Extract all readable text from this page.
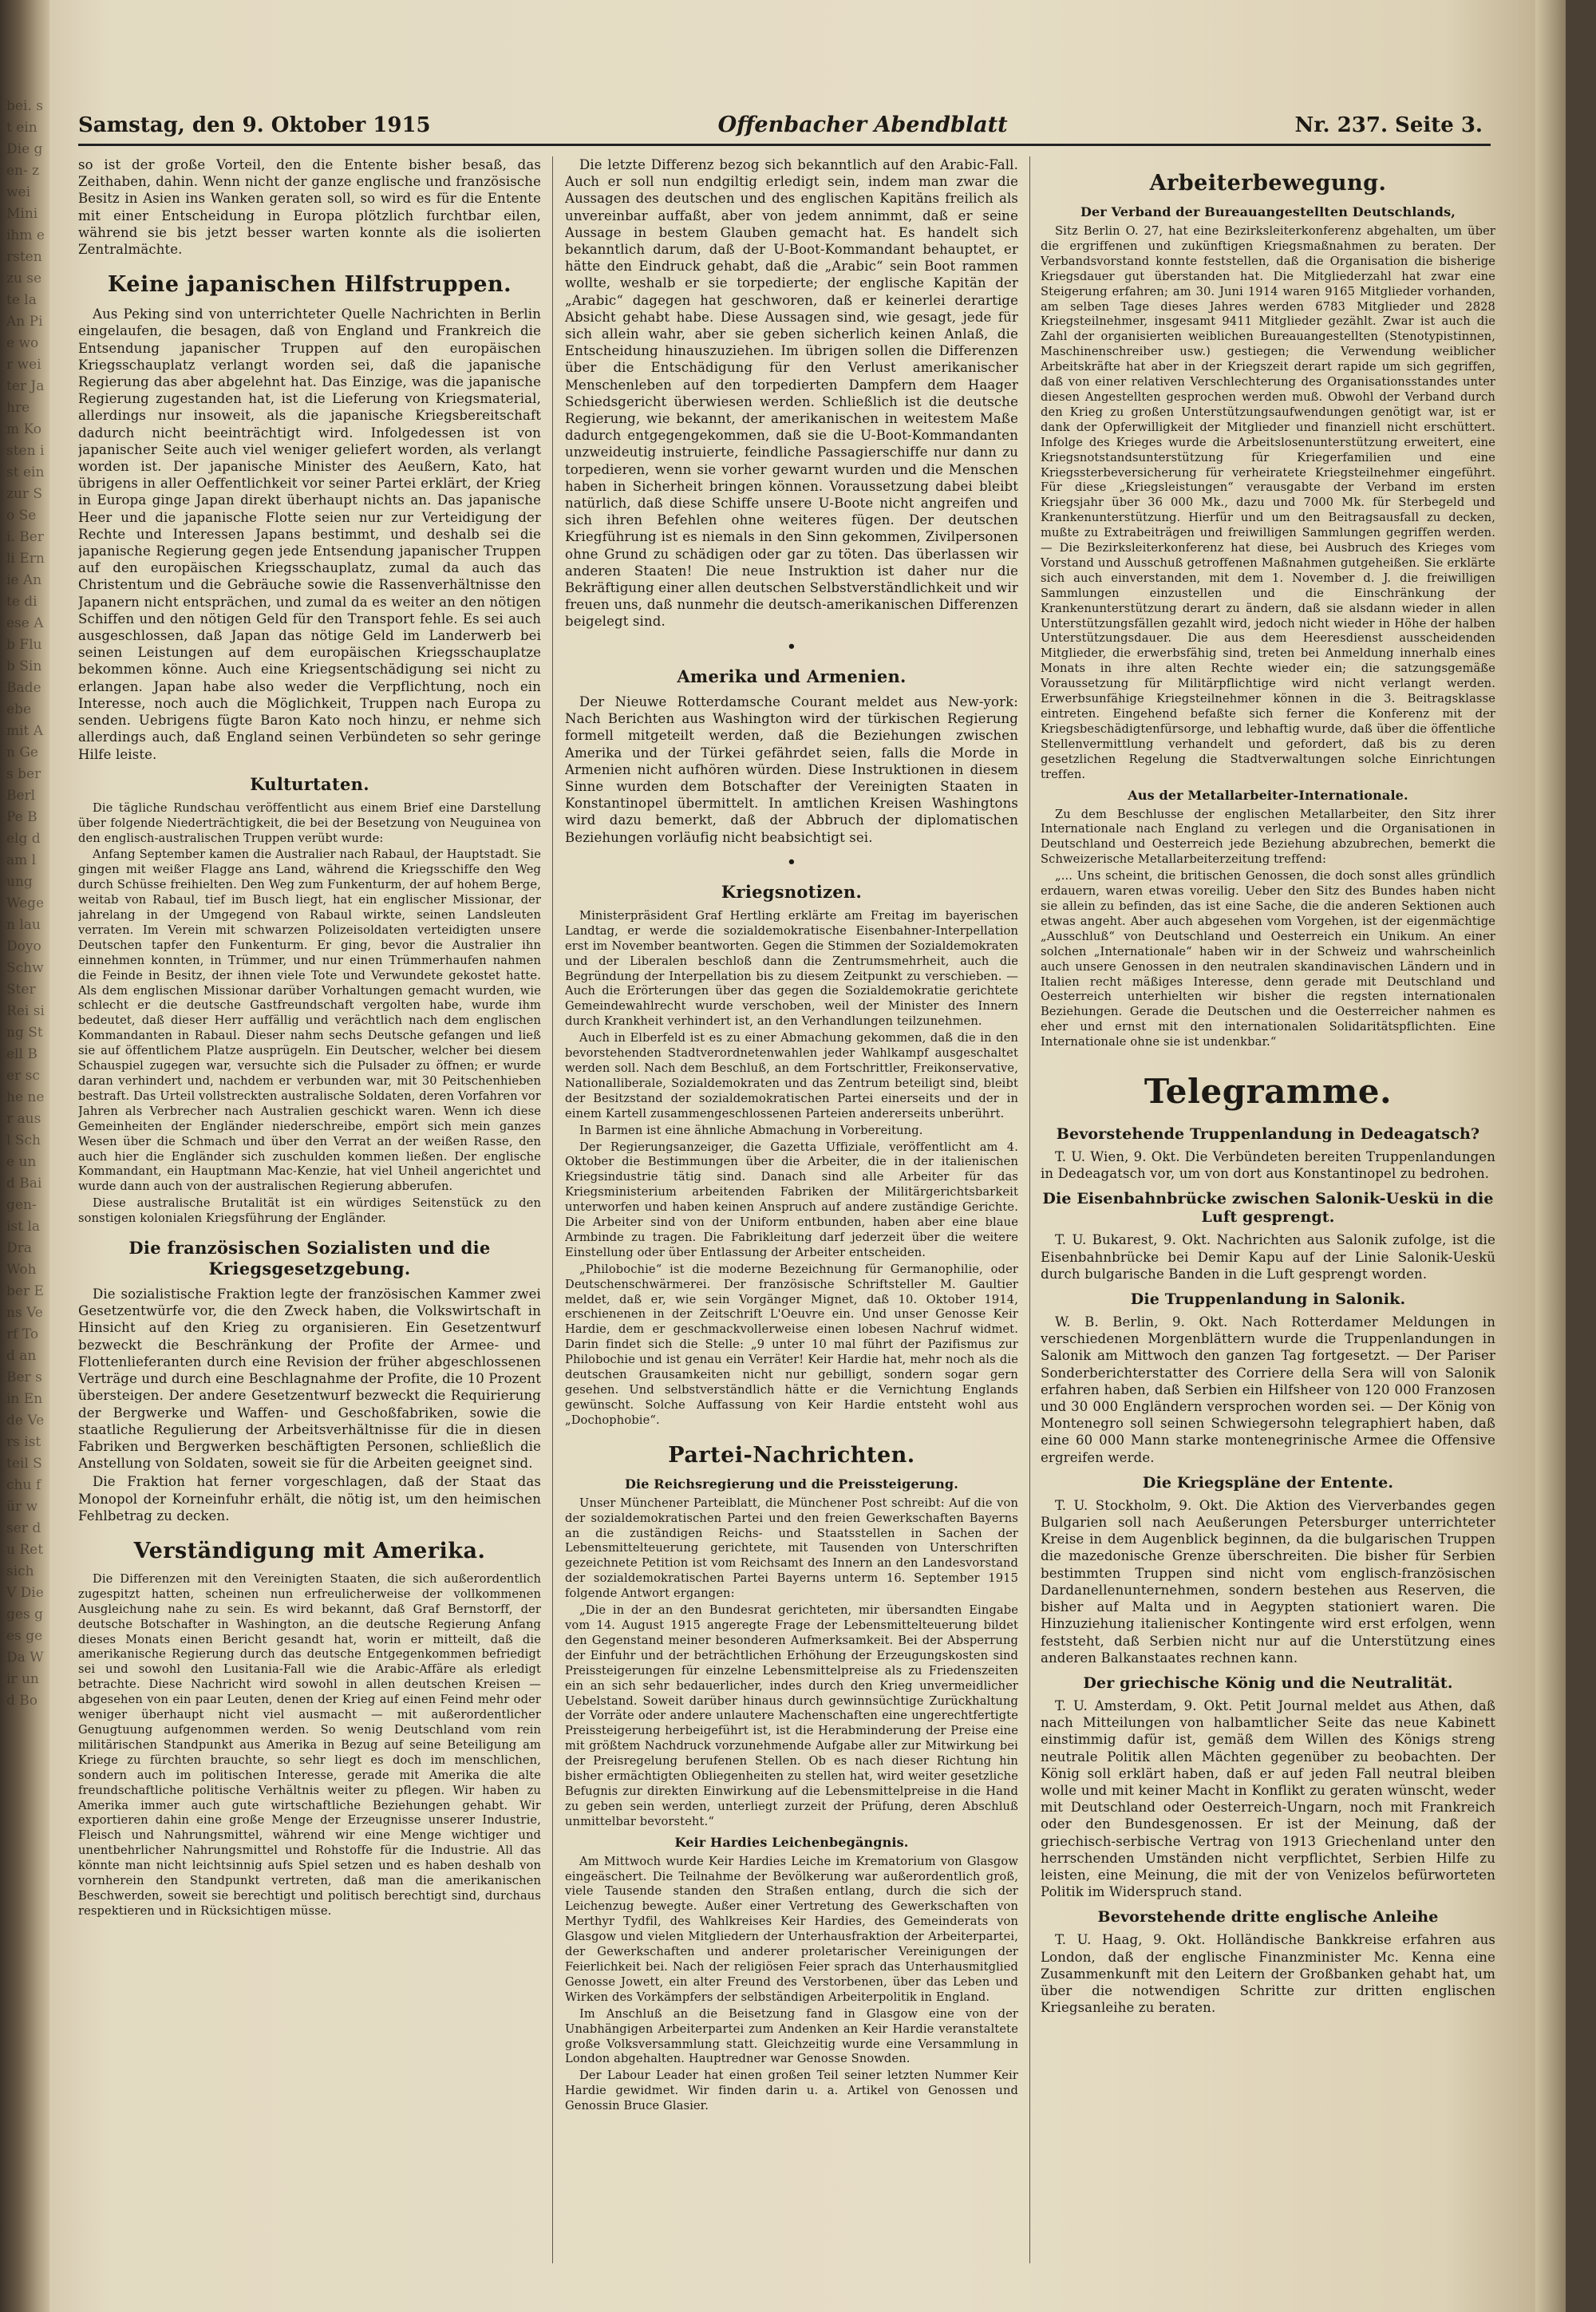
bei. st ein Die gen- zwei Mini ihm ersten zu se te la An Pie wor weiter Jahre m Kosten ist ein zur So Sei. Berli Ernie Ante diese Ab Flub Sin Bade ebe mit An Ges ber Berl Pe Belg dam lung Wegen lau Doyo Schw Ster Rei sing Stell Ber sche ner ausl Sche und Bai gen- ist la Dra Woh ber Ens Verf Tod an Ber sin Ende Vers ist teil Schu für w ser du Ret sich V Die ges ges ge Da Wir und Bo
Samstag, den 9. Oktober 1915	Offenbacher Abendblatt	Nr. 237. Seite 3.

so ist der große Vorteil, den die Entente bisher besaß, das Zeithaben, dahin. Wenn nicht der ganze englische und französische Besitz in Asien ins Wanken geraten soll, so wird es für die Entente mit einer Entscheidung in Europa plötzlich furchtbar eilen, während sie bis jetzt besser warten konnte als die isolierten Zentralmächte.

Keine japanischen Hilfstruppen.

Aus Peking sind von unterrichteter Quelle Nachrichten in Berlin eingelaufen, die besagen, daß von England und Frankreich die Entsendung japanischer Truppen auf den europäischen Kriegsschauplatz verlangt worden sei, daß die japanische Regierung das aber abgelehnt hat. Das Einzige, was die japanische Regierung zugestanden hat, ist die Lieferung von Kriegsmaterial, allerdings nur insoweit, als die japanische Kriegsbereitschaft dadurch nicht beeinträchtigt wird. Infolgedessen ist von japanischer Seite auch viel weniger geliefert worden, als verlangt worden ist. Der japanische Minister des Aeußern, Kato, hat übrigens in aller Oeffentlichkeit vor seiner Partei erklärt, der Krieg in Europa ginge Japan direkt überhaupt nichts an. Das japanische Heer und die japanische Flotte seien nur zur Verteidigung der Rechte und Interessen Japans bestimmt, und deshalb sei die japanische Regierung gegen jede Entsendung japanischer Truppen auf den europäischen Kriegsschauplatz, zumal da auch das Christentum und die Gebräuche sowie die Rassenverhältnisse den Japanern nicht entsprächen, und zumal da es weiter an den nötigen Schiffen und den nötigen Geld für den Transport fehle. Es sei auch ausgeschlossen, daß Japan das nötige Geld im Landerwerb bei seinen Leistungen auf dem europäischen Kriegsschauplatze bekommen könne. Auch eine Kriegsentschädigung sei nicht zu erlangen. Japan habe also weder die Verpflichtung, noch ein Interesse, noch auch die Möglichkeit, Truppen nach Europa zu senden. Uebrigens fügte Baron Kato noch hinzu, er nehme sich allerdings auch, daß England seinen Verbündeten so sehr geringe Hilfe leiste.

Kulturtaten.

Die tägliche Rundschau veröffentlicht aus einem Brief eine Darstellung über folgende Niederträchtigkeit, die bei der Besetzung von Neuguinea von den englisch-australischen Truppen verübt wurde:

Anfang September kamen die Australier nach Rabaul, der Hauptstadt. Sie gingen mit weißer Flagge ans Land, während die Kriegsschiffe den Weg durch Schüsse freihielten. Den Weg zum Funkenturm, der auf hohem Berge, weitab von Rabaul, tief im Busch liegt, hat ein englischer Missionar, der jahrelang in der Umgegend von Rabaul wirkte, seinen Landsleuten verraten. Im Verein mit schwarzen Polizeisoldaten verteidigten unsere Deutschen tapfer den Funkenturm. Er ging, bevor die Australier ihn einnehmen konnten, in Trümmer, und nur einen Trümmerhaufen nahmen die Feinde in Besitz, der ihnen viele Tote und Verwundete gekostet hatte. Als dem englischen Missionar darüber Vorhaltungen gemacht wurden, wie schlecht er die deutsche Gastfreundschaft vergolten habe, wurde ihm bedeutet, daß dieser Herr auffällig und verächtlich nach dem englischen Kommandanten in Rabaul. Dieser nahm sechs Deutsche gefangen und ließ sie auf öffentlichem Platze ausprügeln. Ein Deutscher, welcher bei diesem Schauspiel zugegen war, versuchte sich die Pulsader zu öffnen; er wurde daran verhindert und, nachdem er verbunden war, mit 30 Peitschenhieben bestraft. Das Urteil vollstreckten australische Soldaten, deren Vorfahren vor Jahren als Verbrecher nach Australien geschickt waren. Wenn ich diese Gemeinheiten der Engländer niederschreibe, empört sich mein ganzes Wesen über die Schmach und über den Verrat an der weißen Rasse, den auch hier die Engländer sich zuschulden kommen ließen. Der englische Kommandant, ein Hauptmann Mac-Kenzie, hat viel Unheil angerichtet und wurde dann auch von der australischen Regierung abberufen.

Diese australische Brutalität ist ein würdiges Seitenstück zu den sonstigen kolonialen Kriegsführung der Engländer.

Die französischen Sozialisten und die Kriegsgesetzgebung.

Die sozialistische Fraktion legte der französischen Kammer zwei Gesetzentwürfe vor, die den Zweck haben, die Volkswirtschaft in Hinsicht auf den Krieg zu organisieren. Ein Gesetzentwurf bezweckt die Beschränkung der Profite der Armee- und Flottenlieferanten durch eine Revision der früher abgeschlossenen Verträge und durch eine Beschlagnahme der Profite, die 10 Prozent übersteigen. Der andere Gesetzentwurf bezweckt die Requirierung der Bergwerke und Waffen- und Geschoßfabriken, sowie die staatliche Regulierung der Arbeitsverhältnisse für die in diesen Fabriken und Bergwerken beschäftigten Personen, schließlich die Anstellung von Soldaten, soweit sie für die Arbeiten geeignet sind.

Die Fraktion hat ferner vorgeschlagen, daß der Staat das Monopol der Korneinfuhr erhält, die nötig ist, um den heimischen Fehlbetrag zu decken.

Verständigung mit Amerika.

Die Differenzen mit den Vereinigten Staaten, die sich außerordentlich zugespitzt hatten, scheinen nun erfreulicherweise der vollkommenen Ausgleichung nahe zu sein. Es wird bekannt, daß Graf Bernstorff, der deutsche Botschafter in Washington, an die deutsche Regierung Anfang dieses Monats einen Bericht gesandt hat, worin er mitteilt, daß die amerikanische Regierung durch das deutsche Entgegenkommen befriedigt sei und sowohl den Lusitania-Fall wie die Arabic-Affäre als erledigt betrachte. Diese Nachricht wird sowohl in allen deutschen Kreisen — abgesehen von ein paar Leuten, denen der Krieg auf einen Feind mehr oder weniger überhaupt nicht viel ausmacht — mit außerordentlicher Genugtuung aufgenommen werden. So wenig Deutschland vom rein militärischen Standpunkt aus Amerika in Bezug auf seine Beteiligung am Kriege zu fürchten brauchte, so sehr liegt es doch im menschlichen, sondern auch im politischen Interesse, gerade mit Amerika die alte freundschaftliche politische Verhältnis weiter zu pflegen. Wir haben zu Amerika immer auch gute wirtschaftliche Beziehungen gehabt. Wir exportieren dahin eine große Menge der Erzeugnisse unserer Industrie, Fleisch und Nahrungsmittel, während wir eine Menge wichtiger und unentbehrlicher Nahrungsmittel und Rohstoffe für die Industrie. All das könnte man nicht leichtsinnig aufs Spiel setzen und es haben deshalb von vornherein den Standpunkt vertreten, daß man die amerikanischen Beschwerden, soweit sie berechtigt und politisch berechtigt sind, durchaus respektieren und in Rücksichtigen müsse.

Die letzte Differenz bezog sich bekanntlich auf den Arabic-Fall. Auch er soll nun endgiltig erledigt sein, indem man zwar die Aussagen des deutschen und des englischen Kapitäns freilich als unvereinbar auffaßt, aber von jedem annimmt, daß er seine Aussage in bestem Glauben gemacht hat. Es handelt sich bekanntlich darum, daß der U-Boot-Kommandant behauptet, er hätte den Eindruck gehabt, daß die „Arabic“ sein Boot rammen wollte, weshalb er sie torpedierte; der englische Kapitän der „Arabic“ dagegen hat geschworen, daß er keinerlei derartige Absicht gehabt habe. Diese Aussagen sind, wie gesagt, jede für sich allein wahr, aber sie geben sicherlich keinen Anlaß, die Entscheidung hinauszuziehen. Im übrigen sollen die Differenzen über die Entschädigung für den Verlust amerikanischer Menschenleben auf den torpedierten Dampfern dem Haager Schiedsgericht überwiesen werden. Schließlich ist die deutsche Regierung, wie bekannt, der amerikanischen in weitestem Maße dadurch entgegengekommen, daß sie die U-Boot-Kommandanten unzweideutig instruierte, feindliche Passagierschiffe nur dann zu torpedieren, wenn sie vorher gewarnt wurden und die Menschen haben in Sicherheit bringen können. Voraussetzung dabei bleibt natürlich, daß diese Schiffe unsere U-Boote nicht angreifen und sich ihren Befehlen ohne weiteres fügen. Der deutschen Kriegführung ist es niemals in den Sinn gekommen, Zivilpersonen ohne Grund zu schädigen oder gar zu töten. Das überlassen wir anderen Staaten! Die neue Instruktion ist daher nur die Bekräftigung einer allen deutschen Selbstverständlichkeit und wir freuen uns, daß nunmehr die deutsch-amerikanischen Differenzen beigelegt sind.

•
Amerika und Armenien.

Der Nieuwe Rotterdamsche Courant meldet aus New-york: Nach Berichten aus Washington wird der türkischen Regierung formell mitgeteilt werden, daß die Beziehungen zwischen Amerika und der Türkei gefährdet seien, falls die Morde in Armenien nicht aufhören würden. Diese Instruktionen in diesem Sinne wurden dem Botschafter der Vereinigten Staaten in Konstantinopel übermittelt. In amtlichen Kreisen Washingtons wird dazu bemerkt, daß der Abbruch der diplomatischen Beziehungen vorläufig nicht beabsichtigt sei.

•
Kriegsnotizen.

Ministerpräsident Graf Hertling erklärte am Freitag im bayerischen Landtag, er werde die sozialdemokratische Eisenbahner-Interpellation erst im November beantworten. Gegen die Stimmen der Sozialdemokraten und der Liberalen beschloß dann die Zentrumsmehrheit, auch die Begründung der Interpellation bis zu diesem Zeitpunkt zu verschieben. — Auch die Erörterungen über das gegen die Sozialdemokratie gerichtete Gemeindewahlrecht wurde verschoben, weil der Minister des Innern durch Krankheit verhindert ist, an den Verhandlungen teilzunehmen.

Auch in Elberfeld ist es zu einer Abmachung gekommen, daß die in den bevorstehenden Stadtverordnetenwahlen jeder Wahlkampf ausgeschaltet werden soll. Nach dem Beschluß, an dem Fortschrittler, Freikonservative, Nationalliberale, Sozialdemokraten und das Zentrum beteiligt sind, bleibt der Besitzstand der sozialdemokratischen Partei einerseits und der in einem Kartell zusammengeschlossenen Parteien andererseits unberührt.

In Barmen ist eine ähnliche Abmachung in Vorbereitung.

Der Regierungsanzeiger, die Gazetta Uffiziale, veröffentlicht am 4. Oktober die Bestimmungen über die Arbeiter, die in der italienischen Kriegsindustrie tätig sind. Danach sind alle Arbeiter für das Kriegsministerium arbeitenden Fabriken der Militärgerichtsbarkeit unterworfen und haben keinen Anspruch auf andere zuständige Gerichte. Die Arbeiter sind von der Uniform entbunden, haben aber eine blaue Armbinde zu tragen. Die Fabrikleitung darf jederzeit über die weitere Einstellung oder über Entlassung der Arbeiter entscheiden.

„Philobochie“ ist die moderne Bezeichnung für Germanophilie, oder Deutschenschwärmerei. Der französische Schriftsteller M. Gaultier meldet, daß er, wie sein Vorgänger Mignet, daß 10. Oktober 1914, erschienenen in der Zeitschrift L'Oeuvre ein. Und unser Genosse Keir Hardie, dem er geschmackvollerweise einen lobesen Nachruf widmet. Darin findet sich die Stelle: „9 unter 10 mal führt der Pazifismus zur Philobochie und ist genau ein Verräter! Keir Hardie hat, mehr noch als die deutschen Grausamkeiten nicht nur gebilligt, sondern sogar gern gesehen. Und selbstverständlich hätte er die Vernichtung Englands gewünscht. Solche Auffassung von Keir Hardie entsteht wohl aus „Dochophobie“.

Partei-Nachrichten.
Die Reichsregierung und die Preissteigerung.

Unser Münchener Parteiblatt, die Münchener Post schreibt: Auf die von der sozialdemokratischen Partei und den freien Gewerkschaften Bayerns an die zuständigen Reichs- und Staatsstellen in Sachen der Lebensmittelteuerung gerichtete, mit Tausenden von Unterschriften gezeichnete Petition ist vom Reichsamt des Innern an den Landesvorstand der sozialdemokratischen Partei Bayerns unterm 16. September 1915 folgende Antwort ergangen:

„Die in der an den Bundesrat gerichteten, mir übersandten Eingabe vom 14. August 1915 angeregte Frage der Lebensmittelteuerung bildet den Gegenstand meiner besonderen Aufmerksamkeit. Bei der Absperrung der Einfuhr und der beträchtlichen Erhöhung der Erzeugungskosten sind Preissteigerungen für einzelne Lebensmittelpreise als zu Friedenszeiten ein an sich sehr bedauerlicher, indes durch den Krieg unvermeidlicher Uebelstand. Soweit darüber hinaus durch gewinnsüchtige Zurückhaltung der Vorräte oder andere unlautere Machenschaften eine ungerechtfertigte Preissteigerung herbeigeführt ist, ist die Herabminderung der Preise eine mit größtem Nachdruck vorzunehmende Aufgabe aller zur Mitwirkung bei der Preisregelung berufenen Stellen. Ob es nach dieser Richtung hin bisher ermächtigten Obliegenheiten zu stellen hat, wird weiter gesetzliche Befugnis zur direkten Einwirkung auf die Lebensmittelpreise in die Hand zu geben sein werden, unterliegt zurzeit der Prüfung, deren Abschluß unmittelbar bevorsteht.“

Keir Hardies Leichenbegängnis.

Am Mittwoch wurde Keir Hardies Leiche im Krematorium von Glasgow eingeäschert. Die Teilnahme der Bevölkerung war außerordentlich groß, viele Tausende standen den Straßen entlang, durch die sich der Leichenzug bewegte. Außer einer Vertretung des Gewerkschaften von Merthyr Tydfil, des Wahlkreises Keir Hardies, des Gemeinderats von Glasgow und vielen Mitgliedern der Unterhausfraktion der Arbeiterpartei, der Gewerkschaften und anderer proletarischer Vereinigungen der Feierlichkeit bei. Nach der religiösen Feier sprach das Unterhausmitglied Genosse Jowett, ein alter Freund des Verstorbenen, über das Leben und Wirken des Vorkämpfers der selbständigen Arbeiterpolitik in England.

Im Anschluß an die Beisetzung fand in Glasgow eine von der Unabhängigen Arbeiterpartei zum Andenken an Keir Hardie veranstaltete große Volksversammlung statt. Gleichzeitig wurde eine Versammlung in London abgehalten. Hauptredner war Genosse Snowden.

Der Labour Leader hat einen großen Teil seiner letzten Nummer Keir Hardie gewidmet. Wir finden darin u. a. Artikel von Genossen und Genossin Bruce Glasier.

Arbeiterbewegung.
Der Verband der Bureauangestellten Deutschlands,

Sitz Berlin O. 27, hat eine Bezirksleiterkonferenz abgehalten, um über die ergriffenen und zukünftigen Kriegsmaßnahmen zu beraten. Der Verbandsvorstand konnte feststellen, daß die Organisation die bisherige Kriegsdauer gut überstanden hat. Die Mitgliederzahl hat zwar eine Steigerung erfahren; am 30. Juni 1914 waren 9165 Mitglieder vorhanden, am selben Tage dieses Jahres werden 6783 Mitglieder und 2828 Kriegsteilnehmer, insgesamt 9411 Mitglieder gezählt. Zwar ist auch die Zahl der organisierten weiblichen Bureauangestellten (Stenotypistinnen, Maschinenschreiber usw.) gestiegen; die Verwendung weiblicher Arbeitskräfte hat aber in der Kriegszeit derart rapide um sich gegriffen, daß von einer relativen Verschlechterung des Organisationsstandes unter diesen Angestellten gesprochen werden muß. Obwohl der Verband durch den Krieg zu großen Unterstützungsaufwendungen genötigt war, ist er dank der Opferwilligkeit der Mitglieder und finanziell nicht erschüttert. Infolge des Krieges wurde die Arbeitslosenunterstützung erweitert, eine Kriegsnotstandsunterstützung für Kriegerfamilien und eine Kriegssterbeversicherung für verheiratete Kriegsteilnehmer eingeführt. Für diese „Kriegsleistungen“ verausgabte der Verband im ersten Kriegsjahr über 36 000 Mk., dazu und 7000 Mk. für Sterbegeld und Krankenunterstützung. Hierfür und um den Beitragsausfall zu decken, mußte zu Extrabeiträgen und freiwilligen Sammlungen gegriffen werden. — Die Bezirksleiterkonferenz hat diese, bei Ausbruch des Krieges vom Vorstand und Ausschuß getroffenen Maßnahmen gutgeheißen. Sie erklärte sich auch einverstanden, mit dem 1. November d. J. die freiwilligen Sammlungen einzustellen und die Einschränkung der Krankenunterstützung derart zu ändern, daß sie alsdann wieder in allen Unterstützungsfällen gezahlt wird, jedoch nicht wieder in Höhe der halben Unterstützungsdauer. Die aus dem Heeresdienst ausscheidenden Mitglieder, die erwerbsfähig sind, treten bei Anmeldung innerhalb eines Monats in ihre alten Rechte wieder ein; die satzungsgemäße Voraussetzung für Militärpflichtige wird nicht verlangt werden. Erwerbsunfähige Kriegsteilnehmer können in die 3. Beitragsklasse eintreten. Eingehend befaßte sich ferner die Konferenz mit der Kriegsbeschädigtenfürsorge, und lebhaftig wurde, daß über die öffentliche Stellenvermittlung verhandelt und gefordert, daß bis zu deren gesetzlichen Regelung die Stadtverwaltungen solche Einrichtungen treffen.

Aus der Metallarbeiter-Internationale.

Zu dem Beschlusse der englischen Metallarbeiter, den Sitz ihrer Internationale nach England zu verlegen und die Organisationen in Deutschland und Oesterreich jede Beziehung abzubrechen, bemerkt die Schweizerische Metallarbeiterzeitung treffend:

„... Uns scheint, die britischen Genossen, die doch sonst alles gründlich erdauern, waren etwas voreilig. Ueber den Sitz des Bundes haben nicht sie allein zu befinden, das ist eine Sache, die die anderen Sektionen auch etwas angeht. Aber auch abgesehen vom Vorgehen, ist der eigenmächtige „Ausschluß“ von Deutschland und Oesterreich ein Unikum. An einer solchen „Internationale“ haben wir in der Schweiz und wahrscheinlich auch unsere Genossen in den neutralen skandinavischen Ländern und in Italien recht mäßiges Interesse, denn gerade mit Deutschland und Oesterreich unterhielten wir bisher die regsten internationalen Beziehungen. Gerade die Deutschen und die Oesterreicher nahmen es eher und ernst mit den internationalen Solidaritätspflichten. Eine Internationale ohne sie ist undenkbar.“

Telegramme.
Bevorstehende Truppenlandung in Dedeagatsch?

T. U. Wien, 9. Okt. Die Verbündeten bereiten Truppenlandungen in Dedeagatsch vor, um von dort aus Konstantinopel zu bedrohen.

Die Eisenbahnbrücke zwischen Salonik-Ueskü in die Luft gesprengt.

T. U. Bukarest, 9. Okt. Nachrichten aus Salonik zufolge, ist die Eisenbahnbrücke bei Demir Kapu auf der Linie Salonik-Ueskü durch bulgarische Banden in die Luft gesprengt worden.

Die Truppenlandung in Salonik.

W. B. Berlin, 9. Okt. Nach Rotterdamer Meldungen in verschiedenen Morgenblättern wurde die Truppenlandungen in Salonik am Mittwoch den ganzen Tag fortgesetzt. — Der Pariser Sonderberichterstatter des Corriere della Sera will von Salonik erfahren haben, daß Serbien ein Hilfsheer von 120 000 Franzosen und 30 000 Engländern versprochen worden sei. — Der König von Montenegro soll seinen Schwiegersohn telegraphiert haben, daß eine 60 000 Mann starke montenegrinische Armee die Offensive ergreifen werde.

Die Kriegspläne der Entente.

T. U. Stockholm, 9. Okt. Die Aktion des Vierverbandes gegen Bulgarien soll nach Aeußerungen Petersburger unterrichteter Kreise in dem Augenblick beginnen, da die bulgarischen Truppen die mazedonische Grenze überschreiten. Die bisher für Serbien bestimmten Truppen sind nicht vom englisch-französischen Dardanellenunternehmen, sondern bestehen aus Reserven, die bisher auf Malta und in Aegypten stationiert waren. Die Hinzuziehung italienischer Kontingente wird erst erfolgen, wenn feststeht, daß Serbien nicht nur auf die Unterstützung eines anderen Balkanstaates rechnen kann.

Der griechische König und die Neutralität.

T. U. Amsterdam, 9. Okt. Petit Journal meldet aus Athen, daß nach Mitteilungen von halbamtlicher Seite das neue Kabinett einstimmig dafür ist, gemäß dem Willen des Königs streng neutrale Politik allen Mächten gegenüber zu beobachten. Der König soll erklärt haben, daß er auf jeden Fall neutral bleiben wolle und mit keiner Macht in Konflikt zu geraten wünscht, weder mit Deutschland oder Oesterreich-Ungarn, noch mit Frankreich oder den Bundesgenossen. Er ist der Meinung, daß der griechisch-serbische Vertrag von 1913 Griechenland unter den herrschenden Umständen nicht verpflichtet, Serbien Hilfe zu leisten, eine Meinung, die mit der von Venizelos befürworteten Politik im Widerspruch stand.

Bevorstehende dritte englische Anleihe

T. U. Haag, 9. Okt. Holländische Bankkreise erfahren aus London, daß der englische Finanzminister Mc. Kenna eine Zusammenkunft mit den Leitern der Großbanken gehabt hat, um über die notwendigen Schritte zur dritten englischen Kriegsanleihe zu beraten.
